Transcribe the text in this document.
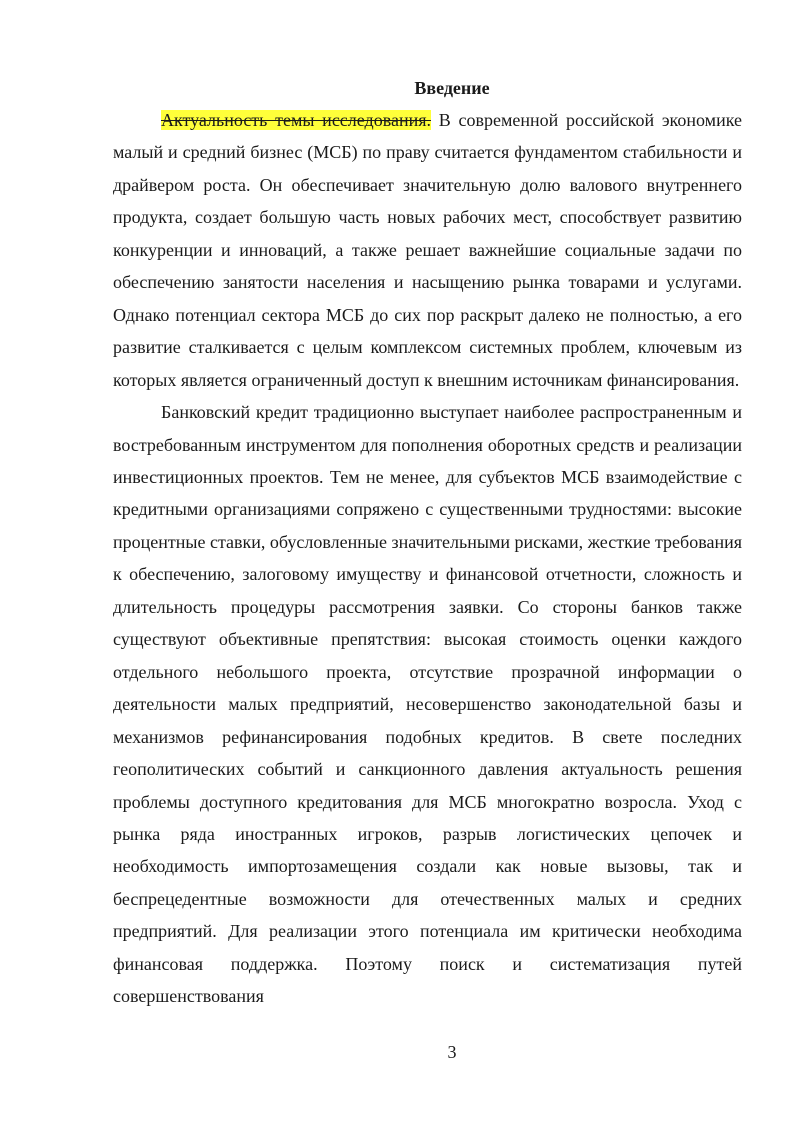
Введение

Актуальность темы исследования. В современной российской экономике малый и средний бизнес (МСБ) по праву считается фундаментом стабильности и драйвером роста. Он обеспечивает значительную долю валового внутреннего продукта, создает большую часть новых рабочих мест, способствует развитию конкуренции и инноваций, а также решает важнейшие социальные задачи по обеспечению занятости населения и насыщению рынка товарами и услугами. Однако потенциал сектора МСБ до сих пор раскрыт далеко не полностью, а его развитие сталкивается с целым комплексом системных проблем, ключевым из которых является ограниченный доступ к внешним источникам финансирования.

Банковский кредит традиционно выступает наиболее распространенным и востребованным инструментом для пополнения оборотных средств и реализации инвестиционных проектов. Тем не менее, для субъектов МСБ взаимодействие с кредитными организациями сопряжено с существенными трудностями: высокие процентные ставки, обусловленные значительными рисками, жесткие требования к обеспечению, залоговому имуществу и финансовой отчетности, сложность и длительность процедуры рассмотрения заявки. Со стороны банков также существуют объективные препятствия: высокая стоимость оценки каждого отдельного небольшого проекта, отсутствие прозрачной информации о деятельности малых предприятий, несовершенство законодательной базы и механизмов рефинансирования подобных кредитов. В свете последних геополитических событий и санкционного давления актуальность решения проблемы доступного кредитования для МСБ многократно возросла. Уход с рынка ряда иностранных игроков, разрыв логистических цепочек и необходимость импортозамещения создали как новые вызовы, так и беспрецедентные возможности для отечественных малых и средних предприятий. Для реализации этого потенциала им критически необходима финансовая поддержка. Поэтому поиск и систематизация путей совершенствования

3
